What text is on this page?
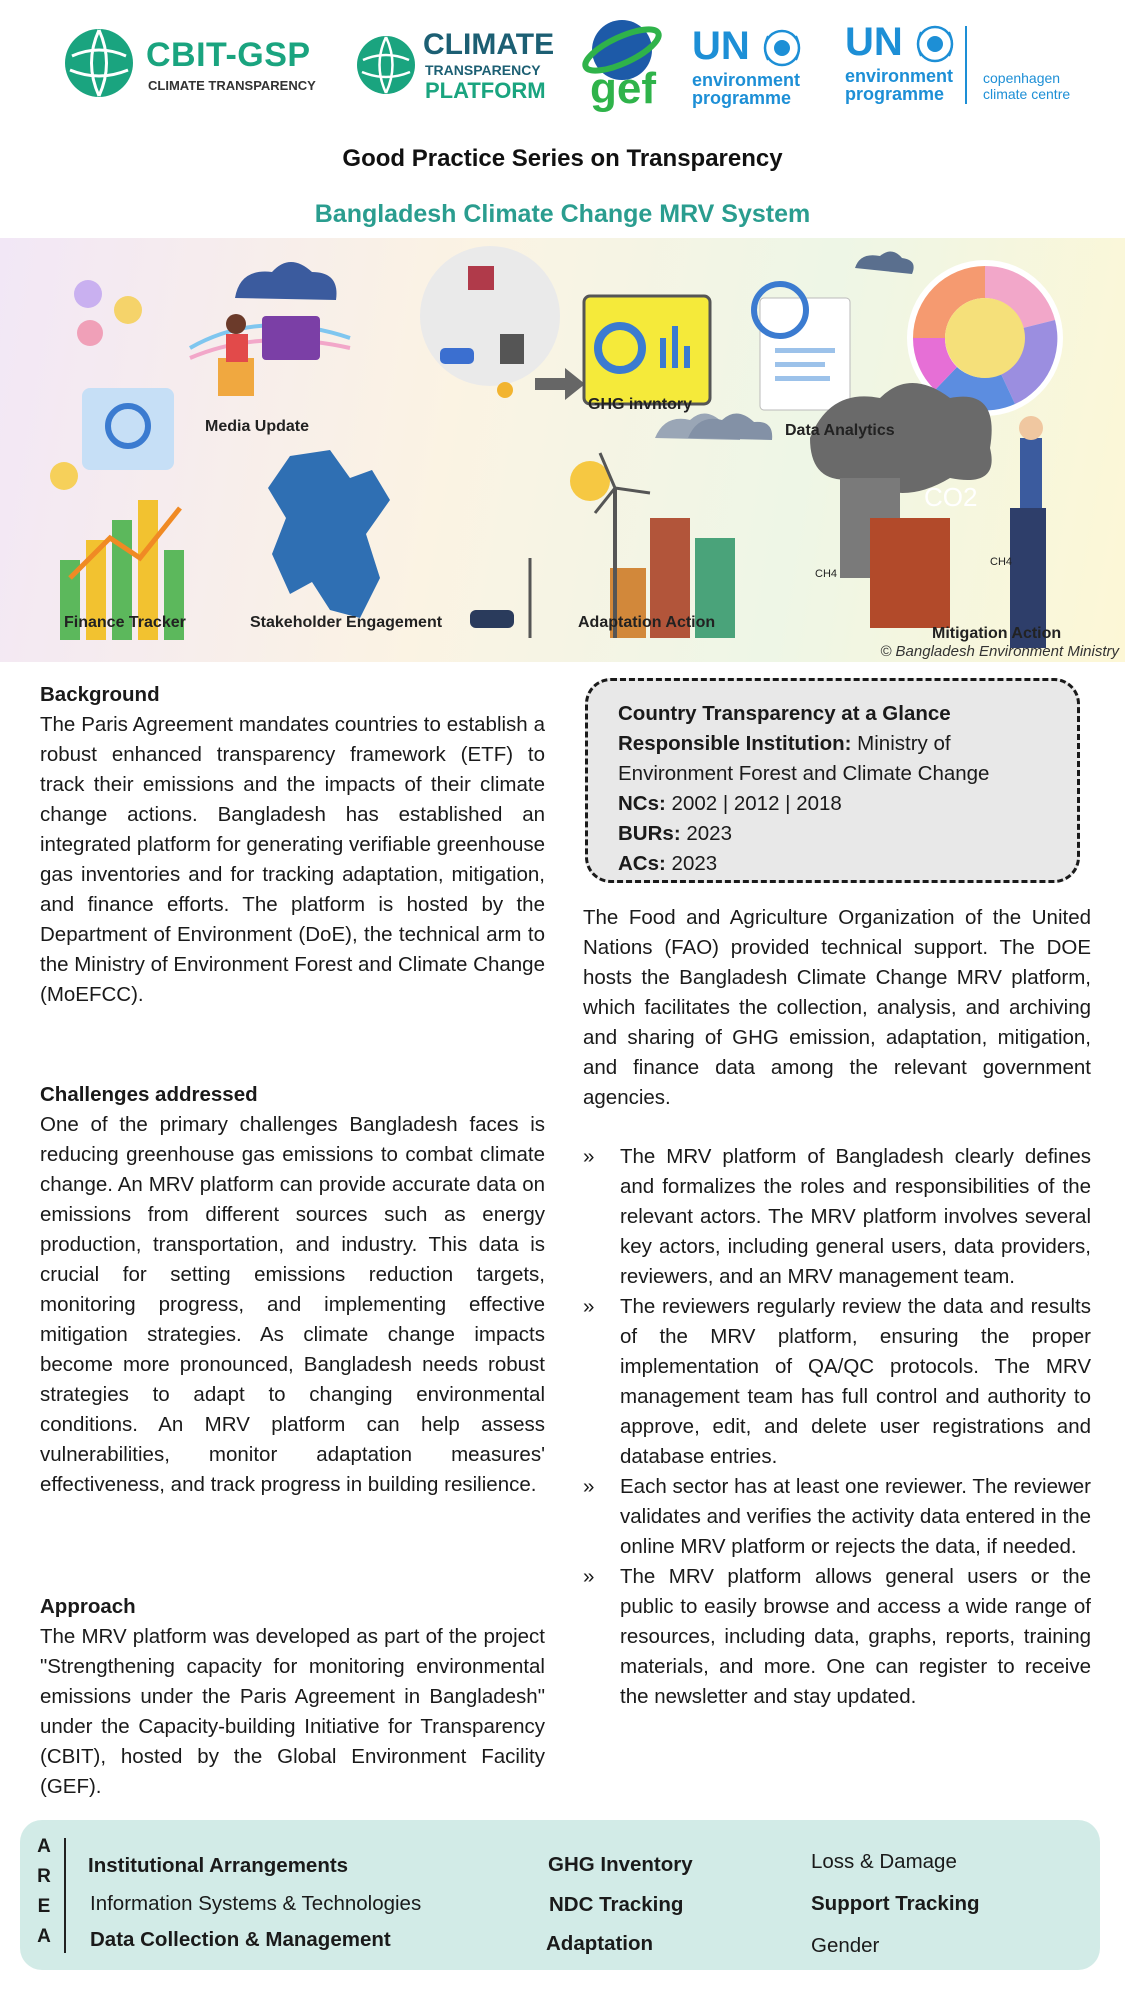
CBIT-GSP
CLIMATE TRANSPARENCY
CLIMATE
TRANSPARENCY
PLATFORM gef
UN
environment
programme
UN
environment
programme
copenhagen
climate centre
Good Practice Series on Transparency
Bangladesh Climate Change MRV System
Media Update
GHG invntory
Data Analytics
Finance Tracker	Stakeholder Engagement	Adaptation Action
Mitigation Action
CO2
CH4
CH4
© Bangladesh Environment Ministry
Background

The Paris Agreement mandates countries to establish a robust enhanced transparency framework (ETF) to track their emissions and the impacts of their climate change actions. Bangladesh has established an integrated platform for generating verifiable greenhouse gas inventories and for tracking adaptation, mitigation, and finance efforts. The platform is hosted by the Department of Environment (DoE), the technical arm to the Ministry of Environment Forest and Climate Change (MoEFCC).

Challenges addressed

One of the primary challenges Bangladesh faces is reducing greenhouse gas emissions to combat climate change. An MRV platform can provide accurate data on emissions from different sources such as energy production, transportation, and industry. This data is crucial for setting emissions reduction targets, monitoring progress, and implementing effective mitigation strategies. As climate change impacts become more pronounced, Bangladesh needs robust strategies to adapt to changing environmental conditions. An MRV platform can help assess vulnerabilities, monitor adaptation measures' effectiveness, and track progress in building resilience.

Approach

The MRV platform was developed as part of the project "Strengthening capacity for monitoring environmental emissions under the Paris Agreement in Bangladesh" under the Capacity-building Initiative for Transparency (CBIT), hosted by the Global Environment Facility (GEF).

Country Transparency at a Glance
Responsible Institution: Ministry of Environment Forest and Climate Change
NCs: 2002 | 2012 | 2018
BURs: 2023
ACs: 2023

The Food and Agriculture Organization of the United Nations (FAO) provided technical support. The DOE hosts the Bangladesh Climate Change MRV platform, which facilitates the collection, analysis, and archiving and sharing of GHG emission, adaptation, mitigation, and finance data among the relevant government agencies.

» The MRV platform of Bangladesh clearly defines and formalizes the roles and responsibilities of the relevant actors. The MRV platform involves several key actors, including general users, data providers, reviewers, and an MRV management team.
» The reviewers regularly review the data and results of the MRV platform, ensuring the proper implementation of QA/QC protocols. The MRV management team has full control and authority to approve, edit, and delete user registrations and database entries.
» Each sector has at least one reviewer. The reviewer validates and verifies the activity data entered in the online MRV platform or rejects the data, if needed.
» The MRV platform allows general users or the public to easily browse and access a wide range of resources, including data, graphs, reports, training materials, and more. One can register to receive the newsletter and stay updated.
A
R
E
A
Institutional Arrangements
Information Systems & Technologies
Data Collection & Management
GHG Inventory
NDC Tracking
Adaptation
Loss & Damage
Support Tracking
Gender
